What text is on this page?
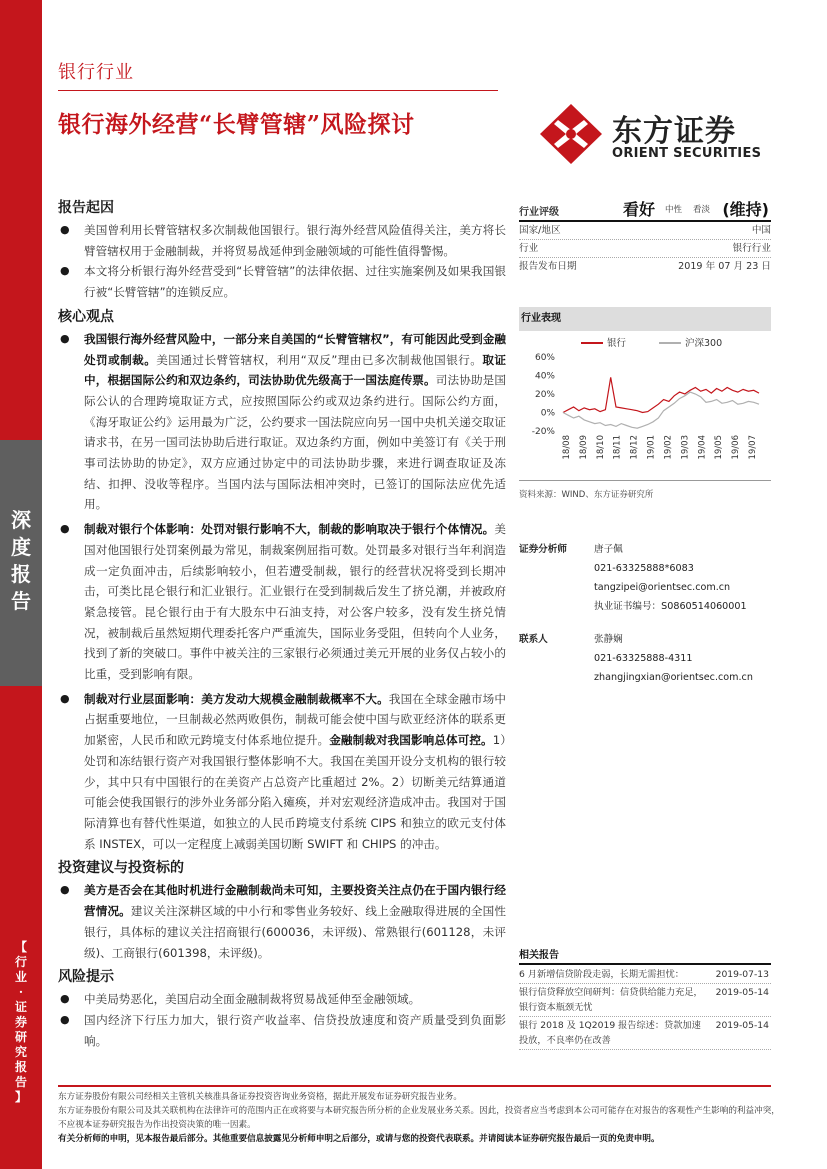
深
度
报
告
【
行
业
·
证
券
研
究
报
告
】
银行行业
银行海外经营“长臂管辖”风险探讨	东方证券
ORIENT SECURITIES
报告起因
● 美国曾利用长臂管辖权多次制裁他国银行。银行海外经营风险值得关注，美方将长臂管辖权用于金融制裁，并将贸易战延伸到金融领域的可能性值得警惕。
● 本文将分析银行海外经营受到“长臂管辖”的法律依据、过往实施案例及如果我国银行被“长臂管辖”的连锁反应。
核心观点
● 我国银行海外经营风险中，一部分来自美国的“长臂管辖权”，有可能因此受到金融处罚或制裁。美国通过长臂管辖权，利用“双反”理由已多次制裁他国银行。取证中，根据国际公约和双边条约，司法协助优先级高于一国法庭传票。司法协助是国际公认的合理跨境取证方式，应按照国际公约或双边条约进行。国际公约方面，《海牙取证公约》运用最为广泛，公约要求一国法院应向另一国中央机关递交取证请求书，在另一国司法协助后进行取证。双边条约方面，例如中美签订有《关于刑事司法协助的协定》，双方应通过协定中的司法协助步骤，来进行调查取证及冻结、扣押、没收等程序。当国内法与国际法相冲突时，已签订的国际法应优先适用。
● 制裁对银行个体影响：处罚对银行影响不大，制裁的影响取决于银行个体情况。美国对他国银行处罚案例最为常见，制裁案例屈指可数。处罚最多对银行当年利润造成一定负面冲击，后续影响较小，但若遭受制裁，银行的经营状况将受到长期冲击，可类比昆仑银行和汇业银行。汇业银行在受到制裁后发生了挤兑潮，并被政府紧急接管。昆仑银行由于有大股东中石油支持，对公客户较多，没有发生挤兑情况，被制裁后虽然短期代理委托客户严重流失，国际业务受阻，但转向个人业务，找到了新的突破口。事件中被关注的三家银行必须通过美元开展的业务仅占较小的比重，受到影响有限。
● 制裁对行业层面影响：美方发动大规模金融制裁概率不大。我国在全球金融市场中占据重要地位，一旦制裁必然两败俱伤，制裁可能会使中国与欧亚经济体的联系更加紧密，人民币和欧元跨境支付体系地位提升。金融制裁对我国影响总体可控。1）处罚和冻结银行资产对我国银行整体影响不大。我国在美国开设分支机构的银行较少，其中只有中国银行的在美资产占总资产比重超过 2%。2）切断美元结算通道可能会使我国银行的涉外业务部分陷入瘫痪，并对宏观经济造成冲击。我国对于国际清算也有替代性渠道，如独立的人民币跨境支付系统 CIPS 和独立的欧元支付体系 INSTEX，可以一定程度上减弱美国切断 SWIFT 和 CHIPS 的冲击。
投资建议与投资标的
● 美方是否会在其他时机进行金融制裁尚未可知，主要投资关注点仍在于国内银行经营情况。建议关注深耕区域的中小行和零售业务较好、线上金融取得进展的全国性银行，具体标的建议关注招商银行(600036，未评级)、常熟银行(601128，未评级)、工商银行(601398，未评级)。
风险提示
● 中美局势恶化，美国启动全面金融制裁将贸易战延伸至金融领域。
● 国内经济下行压力加大，银行资产收益率、信贷投放速度和资产质量受到负面影响。
行业评级	看好 中性 看淡 (维持)
国家/地区	中国
行业	银行行业
报告发布日期	2019 年 07 月 23 日
行业表现
银行	沪深300
60%
40%
20%
0%
-20%
18/08 18/09 18/10 18/11 18/12 19/01 19/02 19/03 19/04 19/05 19/06 19/07
资料来源：WIND、东方证券研究所
证券分析师	唐子佩
021-63325888*6083
tangzipei@orientsec.com.cn
执业证书编号：S0860514060001
联系人	张静娴
021-63325888-4311
zhangjingxian@orientsec.com.cn
相关报告
6 月新增信贷阶段走弱，长期无需担忧：	2019-07-13
银行信贷释放空间研判：信贷供给能力充足，银行资本瓶颈无忧
2019-05-14
银行 2018 及 1Q2019 报告综述：贷款加速投放，不良率仍在改善
2019-05-14
东方证券股份有限公司经相关主管机关核准具备证券投资咨询业务资格，据此开展发布证券研究报告业务。
东方证券股份有限公司及其关联机构在法律许可的范围内正在或将要与本研究报告所分析的企业发展业务关系。因此，投资者应当考虑到本公司可能存在对报告的客观性产生影响的利益冲突，不应视本证券研究报告为作出投资决策的唯一因素。
有关分析师的申明，见本报告最后部分。其他重要信息披露见分析师申明之后部分，或请与您的投资代表联系。并请阅读本证券研究报告最后一页的免责申明。
